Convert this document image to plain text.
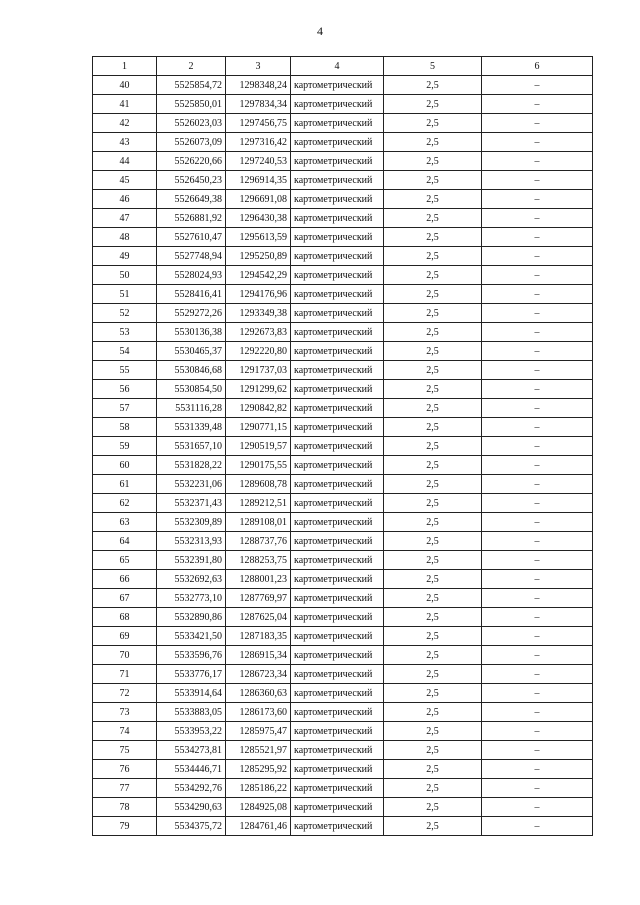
4
1	2	3	4	5	6
40	5525854,72	1298348,24	картометрический	2,5	–
41	5525850,01	1297834,34	картометрический	2,5	–
42	5526023,03	1297456,75	картометрический	2,5	–
43	5526073,09	1297316,42	картометрический	2,5	–
44	5526220,66	1297240,53	картометрический	2,5	–
45	5526450,23	1296914,35	картометрический	2,5	–
46	5526649,38	1296691,08	картометрический	2,5	–
47	5526881,92	1296430,38	картометрический	2,5	–
48	5527610,47	1295613,59	картометрический	2,5	–
49	5527748,94	1295250,89	картометрический	2,5	–
50	5528024,93	1294542,29	картометрический	2,5	–
51	5528416,41	1294176,96	картометрический	2,5	–
52	5529272,26	1293349,38	картометрический	2,5	–
53	5530136,38	1292673,83	картометрический	2,5	–
54	5530465,37	1292220,80	картометрический	2,5	–
55	5530846,68	1291737,03	картометрический	2,5	–
56	5530854,50	1291299,62	картометрический	2,5	–
57	5531116,28	1290842,82	картометрический	2,5	–
58	5531339,48	1290771,15	картометрический	2,5	–
59	5531657,10	1290519,57	картометрический	2,5	–
60	5531828,22	1290175,55	картометрический	2,5	–
61	5532231,06	1289608,78	картометрический	2,5	–
62	5532371,43	1289212,51	картометрический	2,5	–
63	5532309,89	1289108,01	картометрический	2,5	–
64	5532313,93	1288737,76	картометрический	2,5	–
65	5532391,80	1288253,75	картометрический	2,5	–
66	5532692,63	1288001,23	картометрический	2,5	–
67	5532773,10	1287769,97	картометрический	2,5	–
68	5532890,86	1287625,04	картометрический	2,5	–
69	5533421,50	1287183,35	картометрический	2,5	–
70	5533596,76	1286915,34	картометрический	2,5	–
71	5533776,17	1286723,34	картометрический	2,5	–
72	5533914,64	1286360,63	картометрический	2,5	–
73	5533883,05	1286173,60	картометрический	2,5	–
74	5533953,22	1285975,47	картометрический	2,5	–
75	5534273,81	1285521,97	картометрический	2,5	–
76	5534446,71	1285295,92	картометрический	2,5	–
77	5534292,76	1285186,22	картометрический	2,5	–
78	5534290,63	1284925,08	картометрический	2,5	–
79	5534375,72	1284761,46	картометрический	2,5	–
